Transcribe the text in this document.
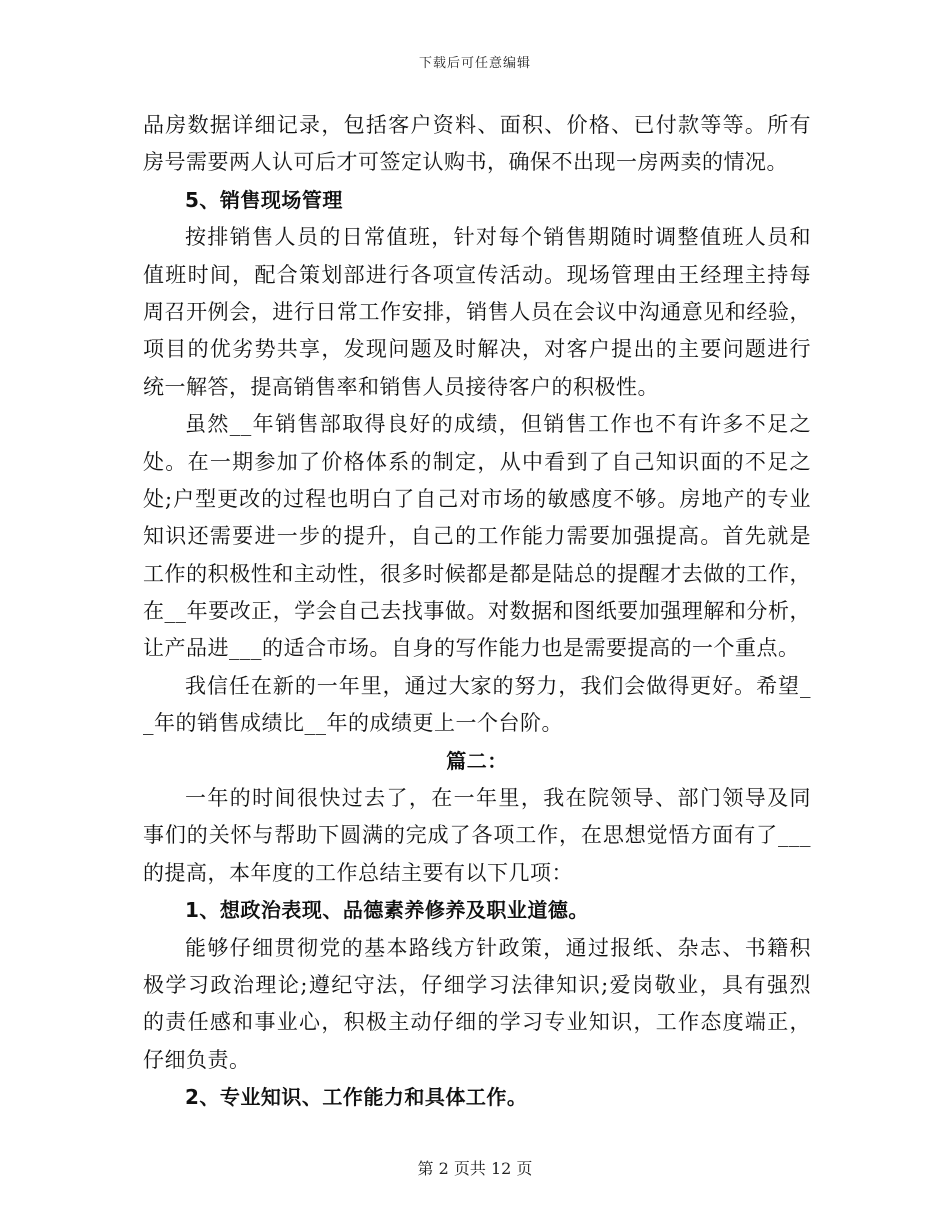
下载后可任意编辑
品房数据详细记录，包括客户资料、面积、价格、已付款等等。所有
房号需要两人认可后才可签定认购书，确保不出现一房两卖的情况。
5、销售现场管理
按排销售人员的日常值班，针对每个销售期随时调整值班人员和
值班时间，配合策划部进行各项宣传活动。现场管理由王经理主持每
周召开例会，进行日常工作安排，销售人员在会议中沟通意见和经验，
项目的优劣势共享，发现问题及时解决，对客户提出的主要问题进行
统一解答，提高销售率和销售人员接待客户的积极性。
虽然__年销售部取得良好的成绩，但销售工作也不有许多不足之
处。在一期参加了价格体系的制定，从中看到了自己知识面的不足之
处;户型更改的过程也明白了自己对市场的敏感度不够。房地产的专业
知识还需要进一步的提升，自己的工作能力需要加强提高。首先就是
工作的积极性和主动性，很多时候都是都是陆总的提醒才去做的工作，
在__年要改正，学会自己去找事做。对数据和图纸要加强理解和分析，
让产品进___的适合市场。自身的写作能力也是需要提高的一个重点。
我信任在新的一年里，通过大家的努力，我们会做得更好。希望_
_年的销售成绩比__年的成绩更上一个台阶。
篇二：
一年的时间很快过去了，在一年里，我在院领导、部门领导及同
事们的关怀与帮助下圆满的完成了各项工作，在思想觉悟方面有了___
的提高，本年度的工作总结主要有以下几项：
1、想政治表现、品德素养修养及职业道德。
能够仔细贯彻党的基本路线方针政策，通过报纸、杂志、书籍积
极学习政治理论;遵纪守法，仔细学习法律知识;爱岗敬业，具有强烈
的责任感和事业心，积极主动仔细的学习专业知识，工作态度端正，
仔细负责。
2、专业知识、工作能力和具体工作。
第 2 页共 12 页
